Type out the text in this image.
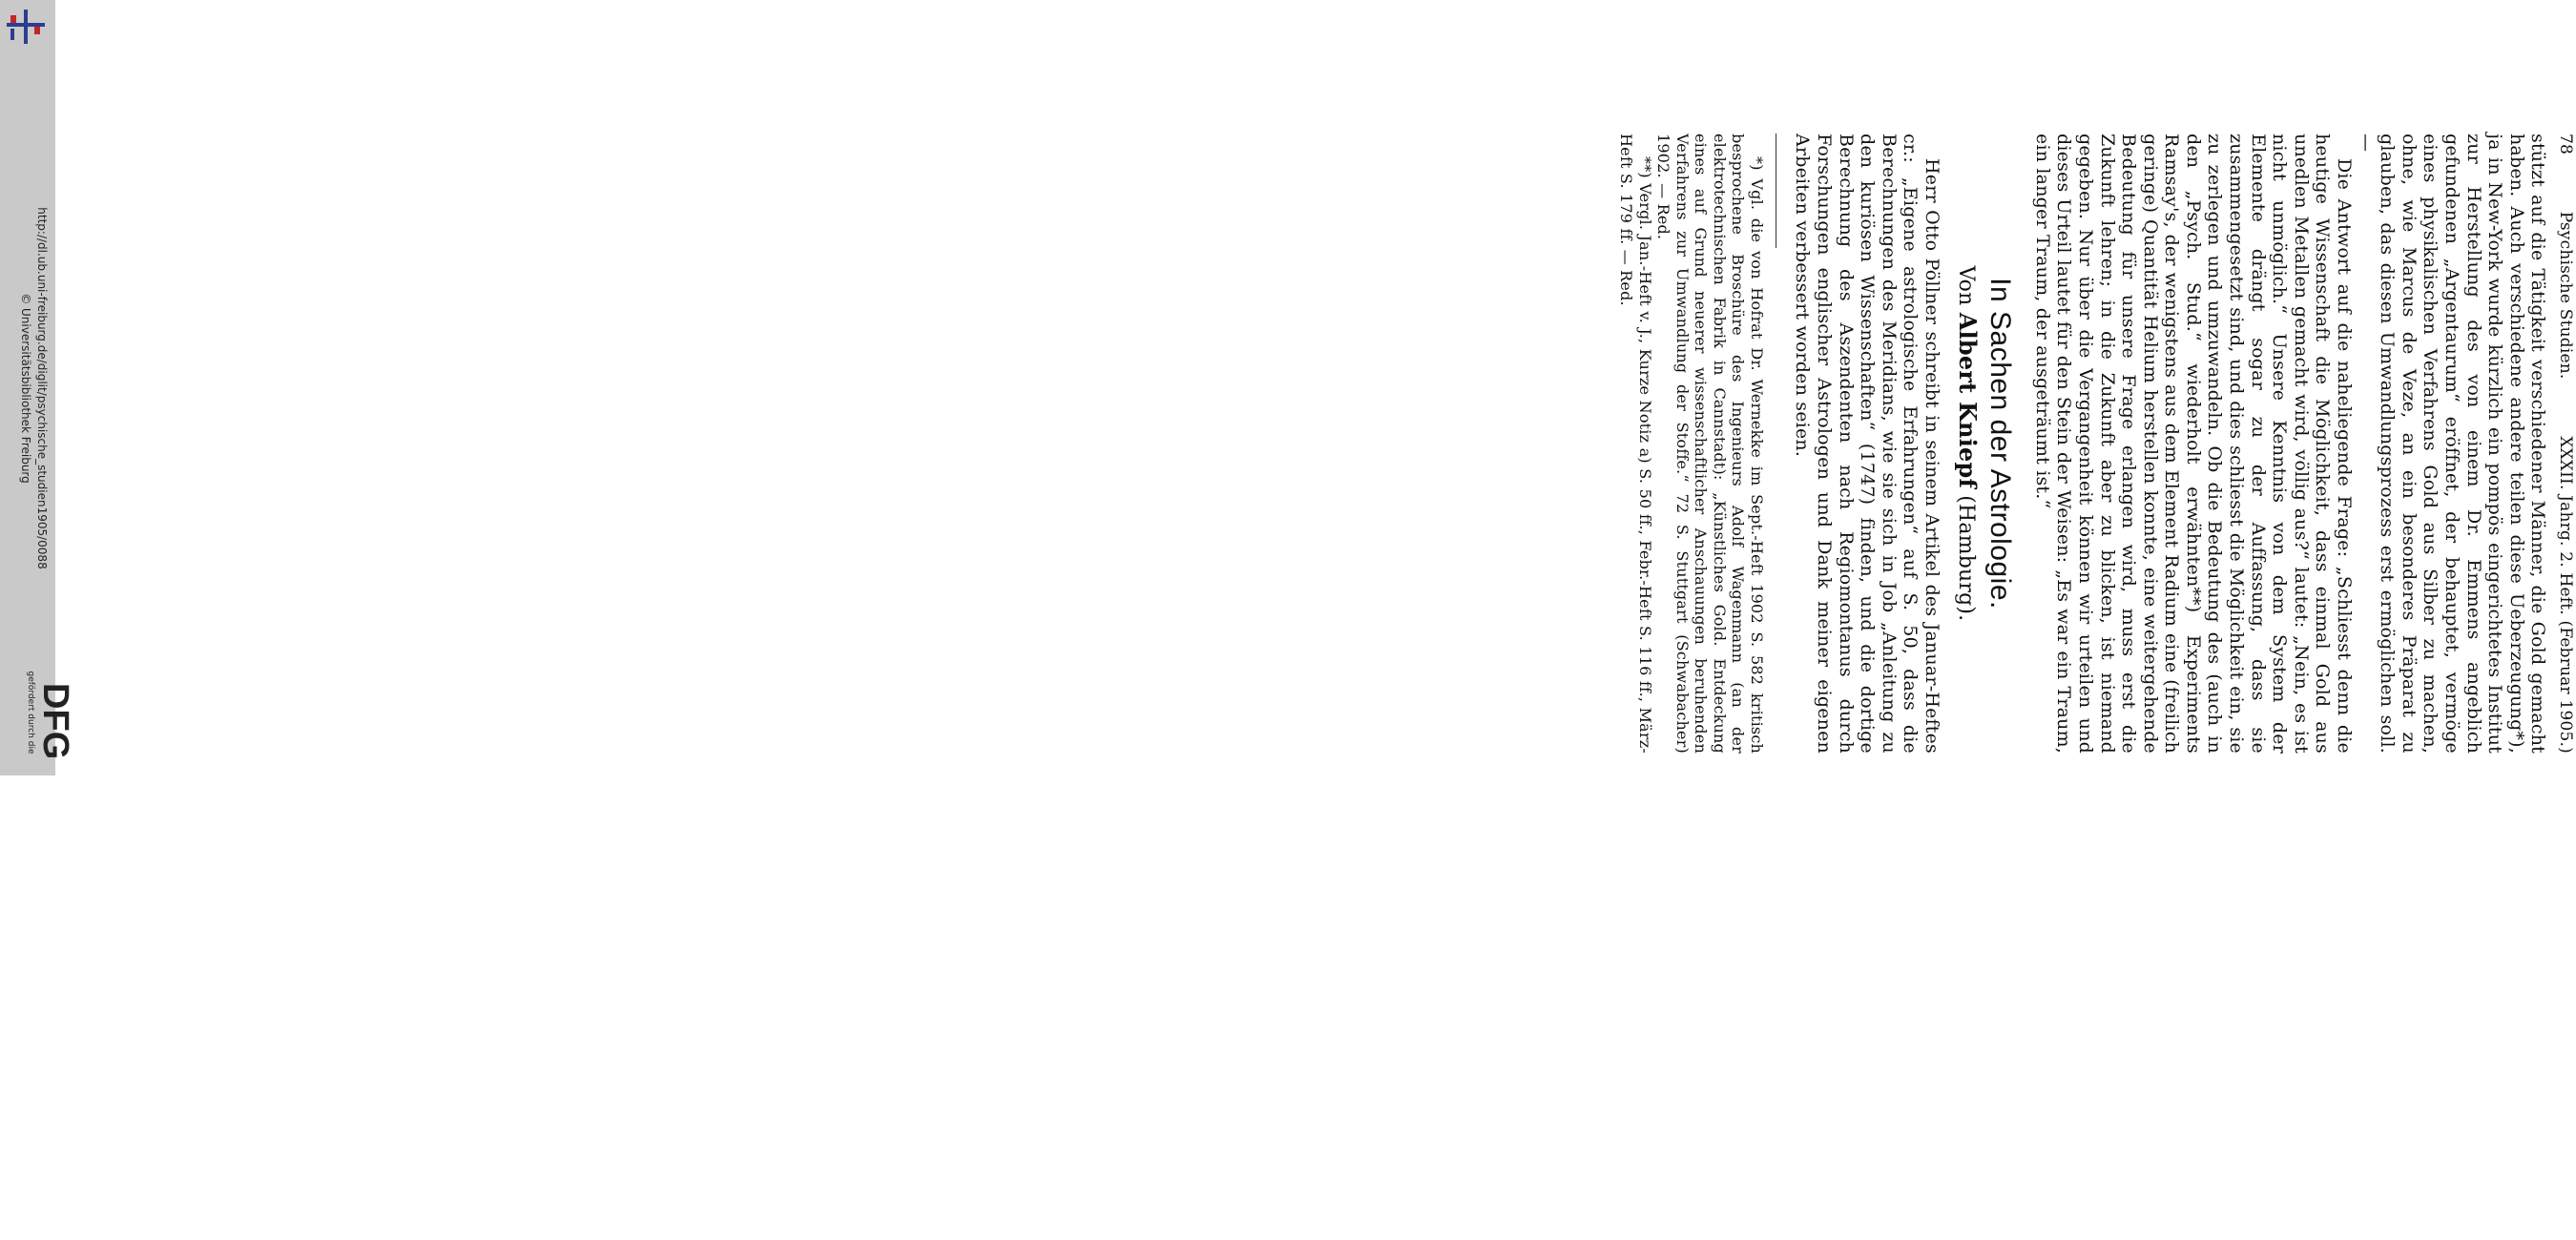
http://dl.ub.uni-freiburg.de/diglit/psychische_studien1905/0088
© Universitätsbibliothek Freiburg
gefördert durch die DFG
78
Psychische Studien.
XXXII. Jahrg. 2. Heft. (Februar 1905.)

stützt auf die Tätigkeit verschiedener Männer, die Gold gemacht haben. Auch verschiedene andere teilen diese Ueberzeugung*), ja in New-York wurde kürzlich ein pompös eingerichtetes Institut zur Herstellung des von einem Dr. Emmens angeblich gefundenen „Argentaurum“ eröffnet, der behauptet, vermöge eines physikalischen Verfahrens Gold aus Silber zu machen, ohne, wie Marcus de Veze, an ein besonderes Präparat zu glauben, das diesen Umwandlungsprozess erst ermöglichen soll. —

Die Antwort auf die naheliegende Frage: „Schliesst denn die heutige Wissenschaft die Möglichkeit, dass einmal Gold aus unedlen Metallen gemacht wird, völlig aus?“ lautet: „Nein, es ist nicht unmöglich.“ Unsere Kenntnis von dem System der Elemente drängt sogar zu der Auffassung, dass sie zusammengesetzt sind, und dies schliesst die Möglichkeit ein, sie zu zerlegen und umzuwandeln. Ob die Bedeutung des (auch in den „Psych. Stud.“ wiederholt erwähnten**) Experiments Ramsay's, der wenigstens aus dem Element Radium eine (freilich geringe) Quantität Helium herstellen konnte, eine weitergehende Bedeutung für unsere Frage erlangen wird, muss erst die Zukunft lehren; in die Zukunft aber zu blicken, ist niemand gegeben. Nur über die Vergangenheit können wir urteilen und dieses Urteil lautet für den Stein der Weisen: „Es war ein Traum, ein langer Traum, der ausgeträumt ist.“

In Sachen der Astrologie.
Von Albert Kniepf (Hamburg).

Herr Otto Pöllner schreibt in seinem Artikel des Januar-Heftes cr.: „Eigene astrologische Erfahrungen“ auf S. 50, dass die Berechnungen des Meridians, wie sie sich in Job „Anleitung zu den kuriösen Wissenschaften“ (1747) finden, und die dortige Berechnung des Aszendenten nach Regiomontanus durch Forschungen englischer Astrologen und Dank meiner eigenen Arbeiten verbessert worden seien.

*) Vgl. die von Hofrat Dr. Wernekke im Sept.-Heft 1902 S. 582 kritisch besprochene Broschüre des Ingenieurs Adolf Wagenmann (an der elektrotechnischen Fabrik in Cannstadt): „Künstliches Gold. Entdeckung eines auf Grund neuerer wissenschaftlicher Anschauungen beruhenden Verfahrens zur Umwandlung der Stoffe.“ 72 S. Stuttgart (Schwabacher) 1902. — Red.

**) Vergl. Jan.-Heft v. J., Kurze Notiz a) S. 50 ff., Febr.-Heft S. 116 ff., März-Heft S. 179 ff. — Red.
